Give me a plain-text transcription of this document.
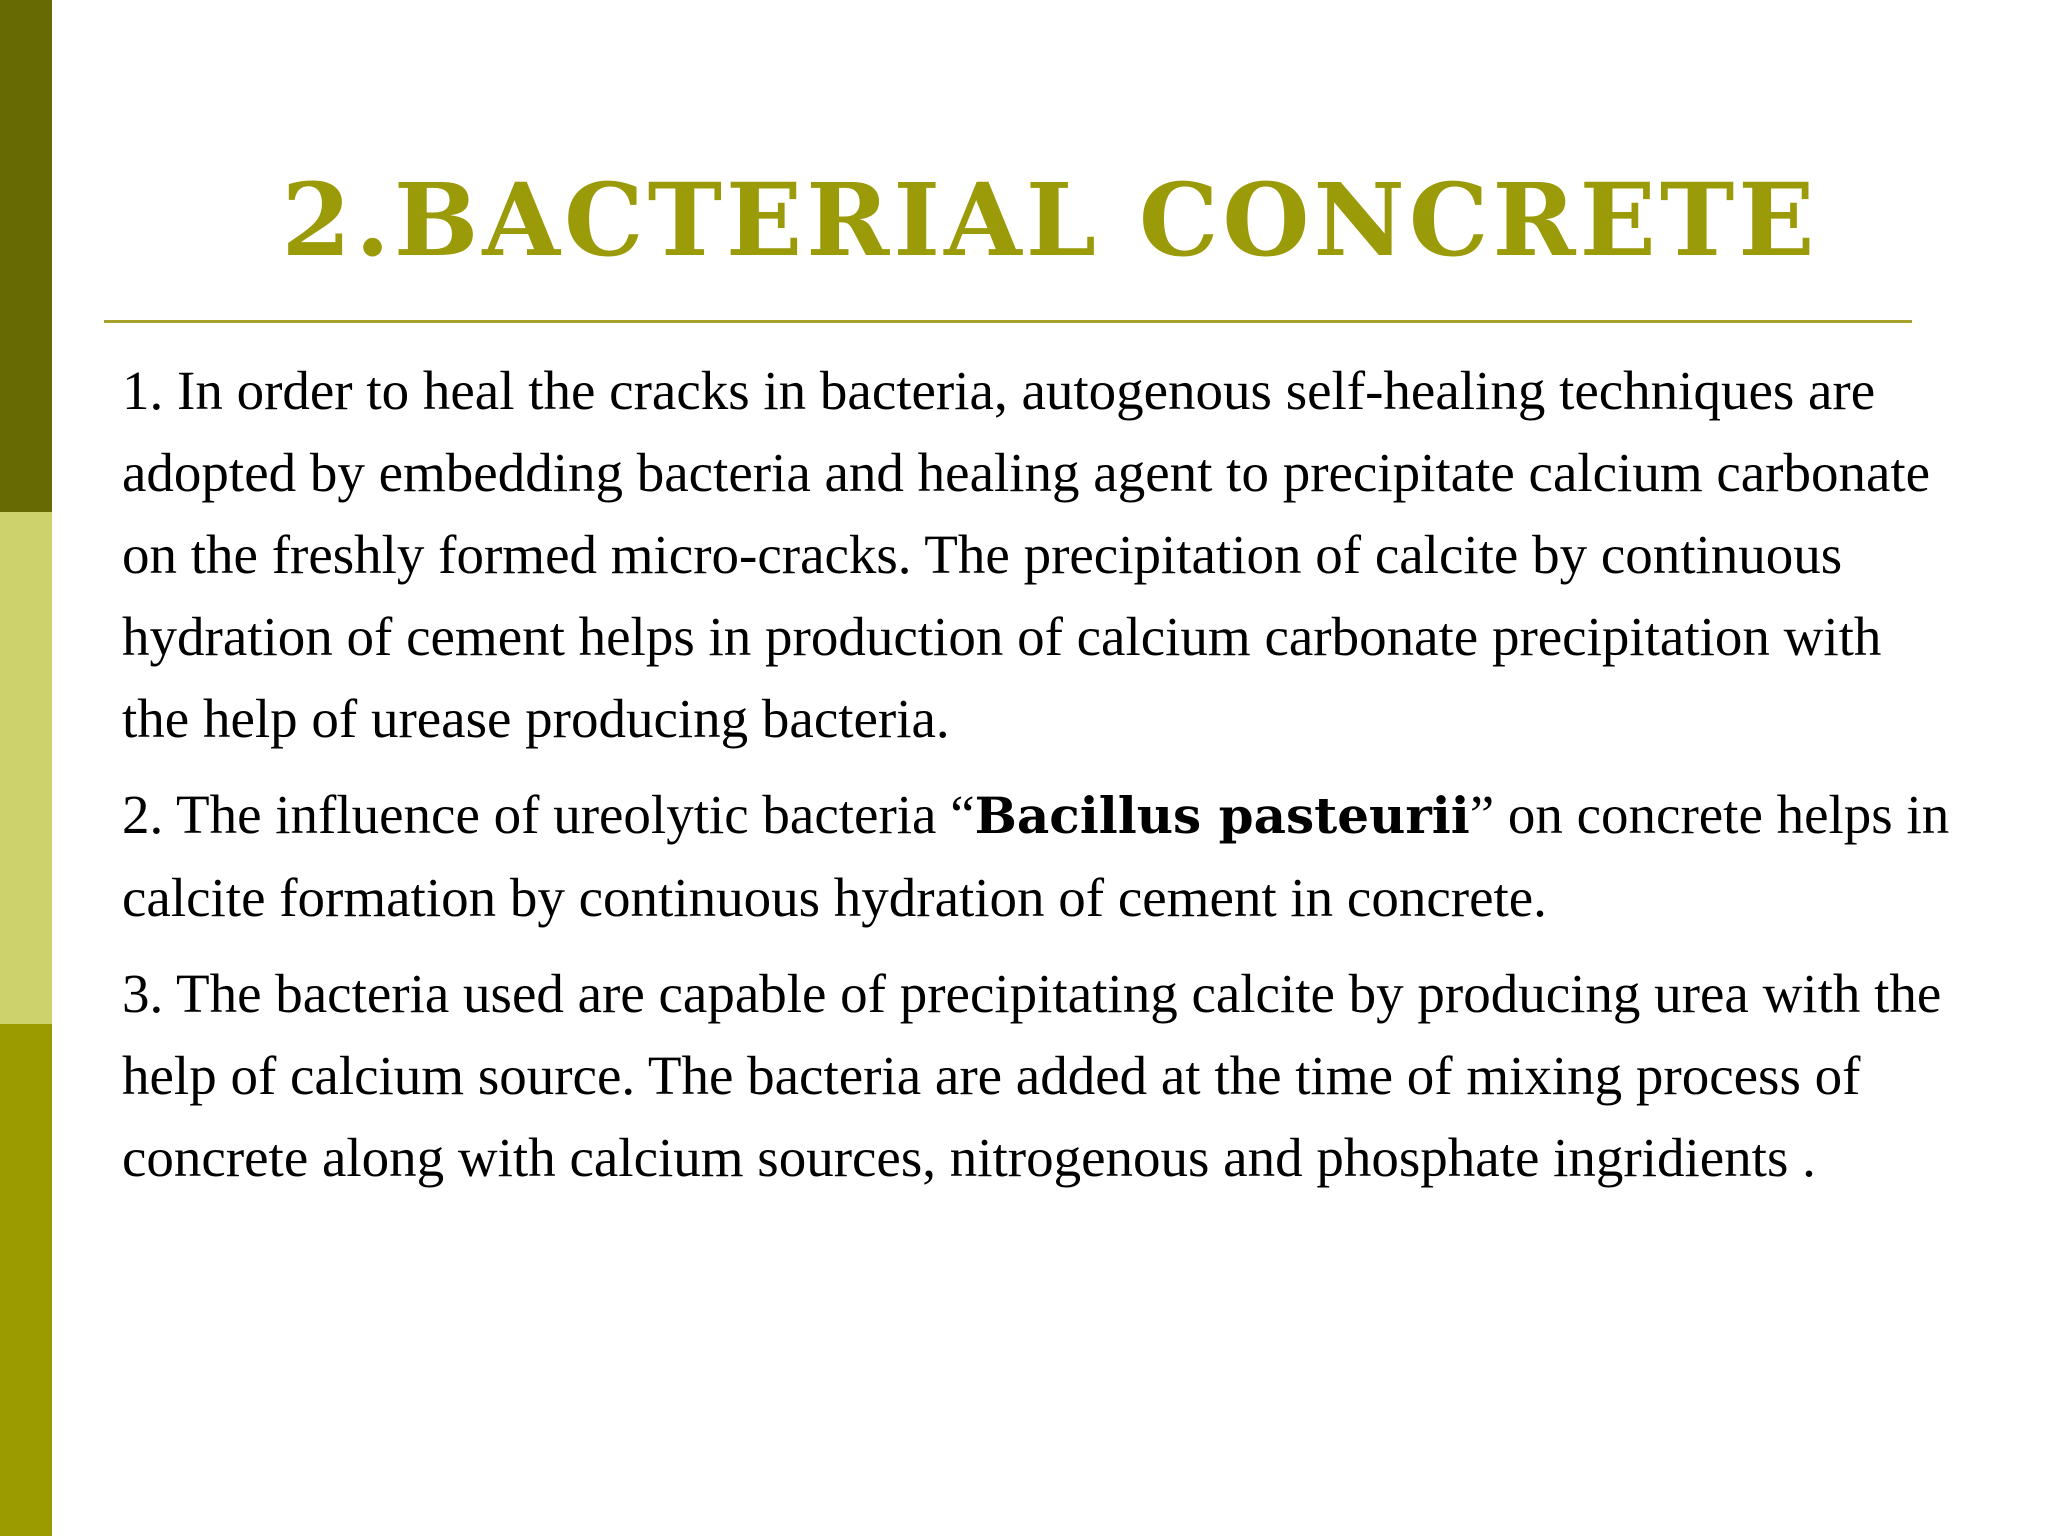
2.BACTERIAL CONCRETE

1. In order to heal the cracks in bacteria, autogenous self-healing techniques are adopted by embedding bacteria and healing agent to precipitate calcium carbonate on the freshly formed micro-cracks. The precipitation of calcite by continuous hydration of cement helps in production of calcium carbonate precipitation with the help of urease producing bacteria.

2. The influence of ureolytic bacteria “Bacillus pasteurii” on concrete helps in calcite formation by continuous hydration of cement in concrete.

3. The bacteria used are capable of precipitating calcite by producing urea with the help of calcium source. The bacteria are added at the time of mixing process of concrete along with calcium sources, nitrogenous and phosphate ingridients .
